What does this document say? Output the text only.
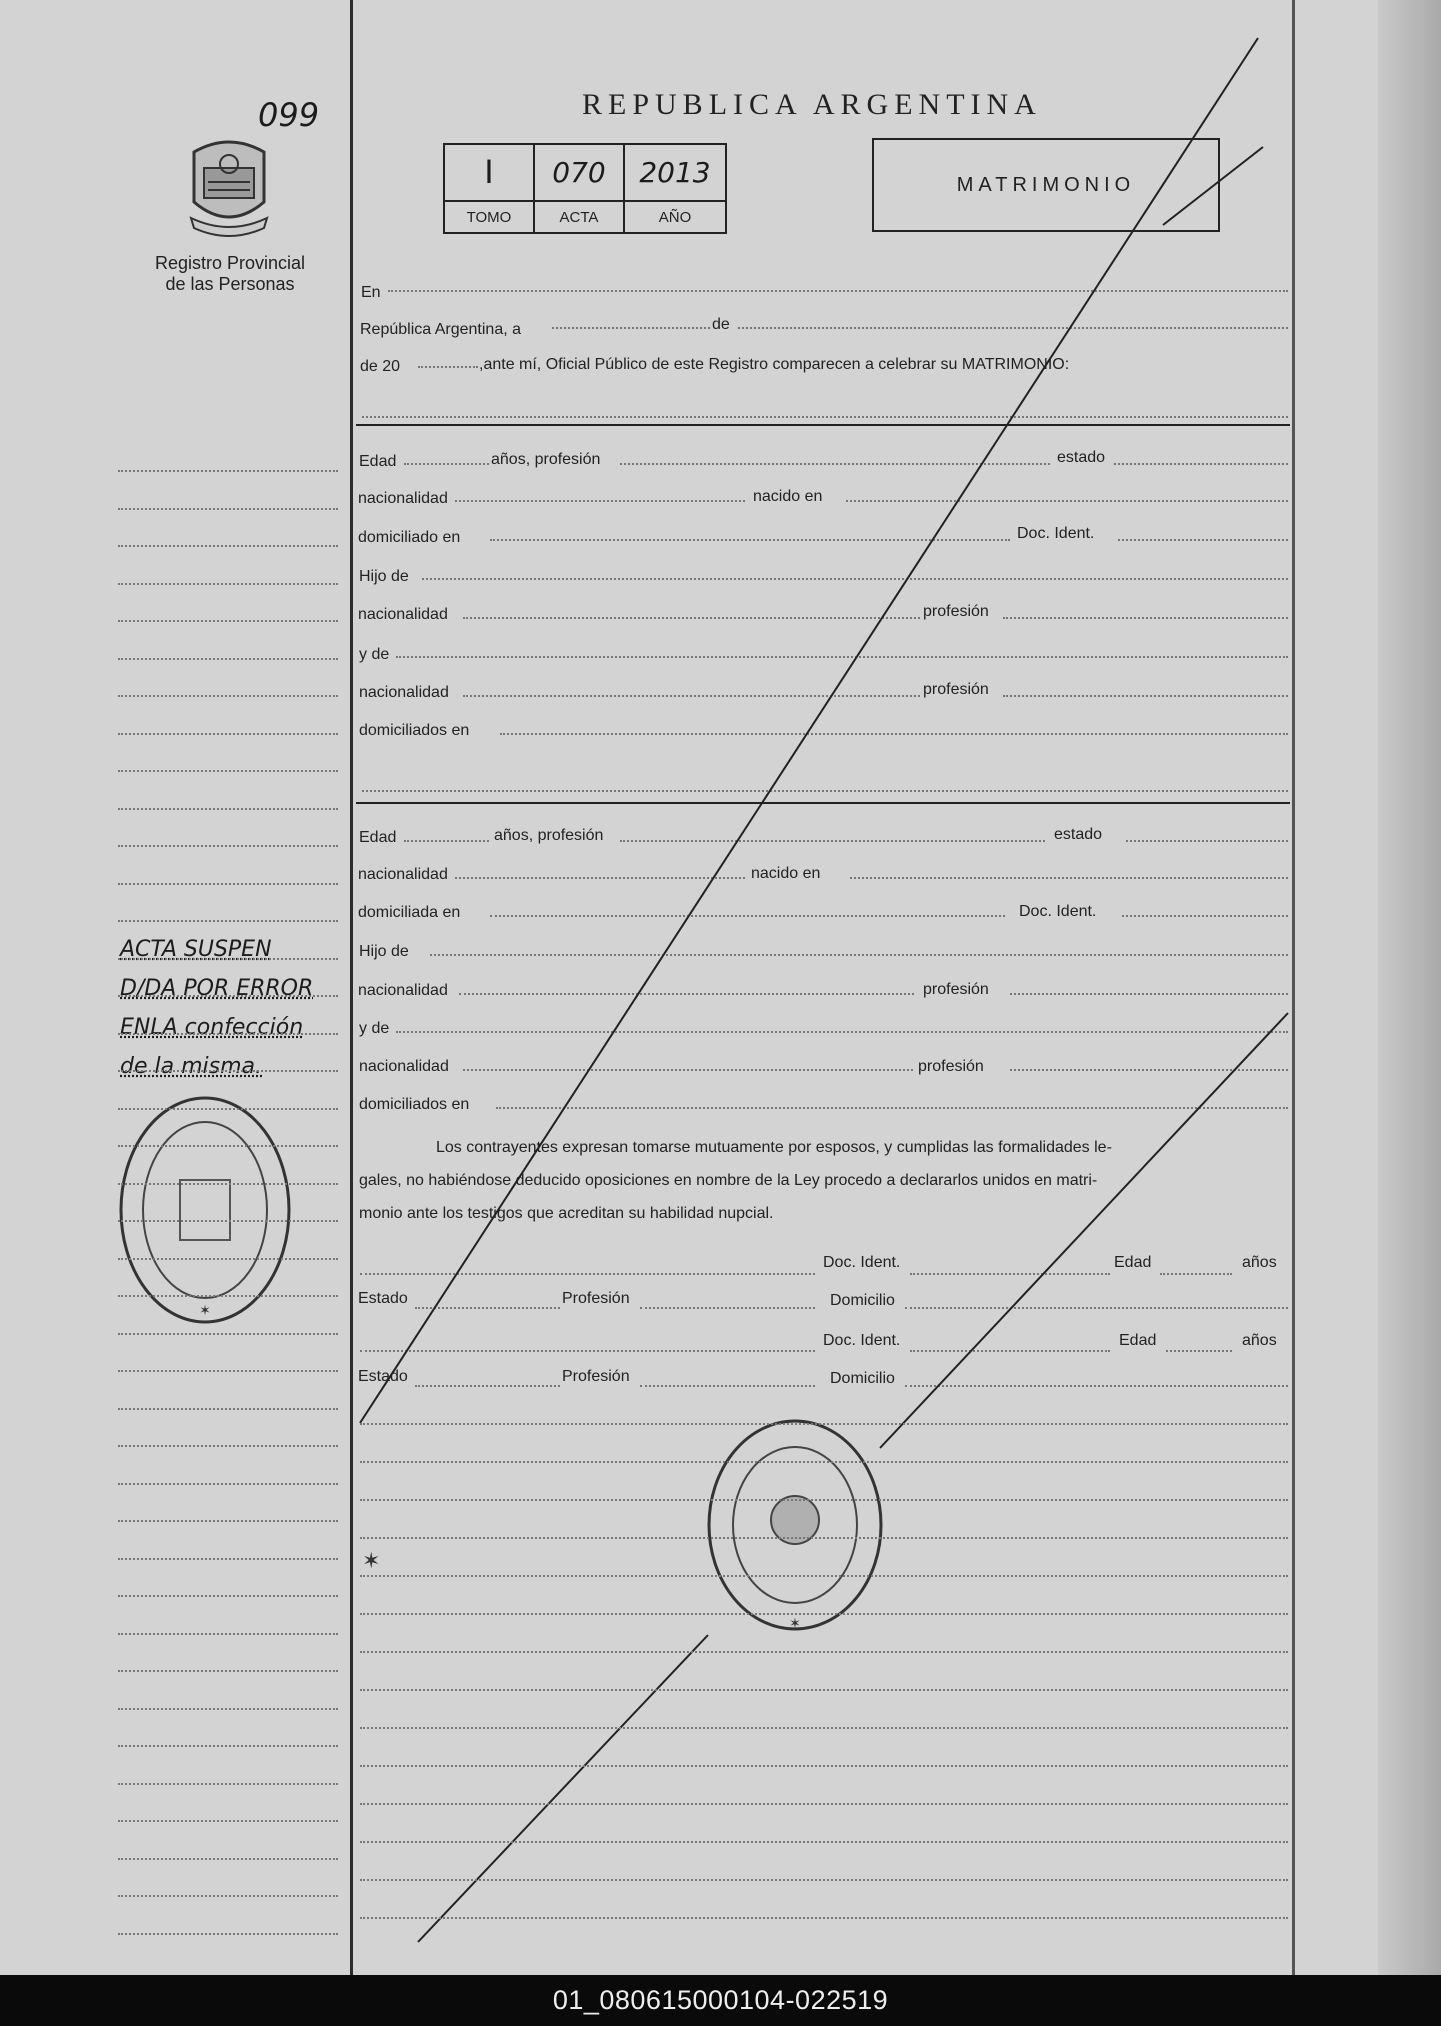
099
Registro Provincial
de las Personas
REPUBLICA ARGENTINA
I	070	2013
TOMO	ACTA	AÑO
MATRIMONIO
En
República Argentina, a	de
de 20	,ante mí, Oficial Público de este Registro comparecen a celebrar su MATRIMONIO:
Edad	años, profesión	estado
nacionalidad	nacido en
domiciliado en	Doc. Ident.
Hijo de
nacionalidad	profesión
y de
nacionalidad	profesión
domiciliados en
Edad	años, profesión	estado
nacionalidad	nacido en
domiciliada en	Doc. Ident.
Hijo de
nacionalidad	profesión
y de
nacionalidad	profesión
domiciliados en
Los contrayentes expresan tomarse mutuamente por esposos, y cumplidas las formalidades le-
gales, no habiéndose deducido oposiciones en nombre de la Ley procedo a declararlos unidos en matri-
monio ante los testigos que acreditan su habilidad nupcial.
Doc. Ident.	Edad	años
Estado	Profesión	Domicilio
Doc. Ident.	Edad	años
Estado	Profesión	Domicilio
ACTA SUSPEN
D/DA POR ERROR
ENLA confección
de la misma.
✶
✶
✶
01_080615000104-022519
